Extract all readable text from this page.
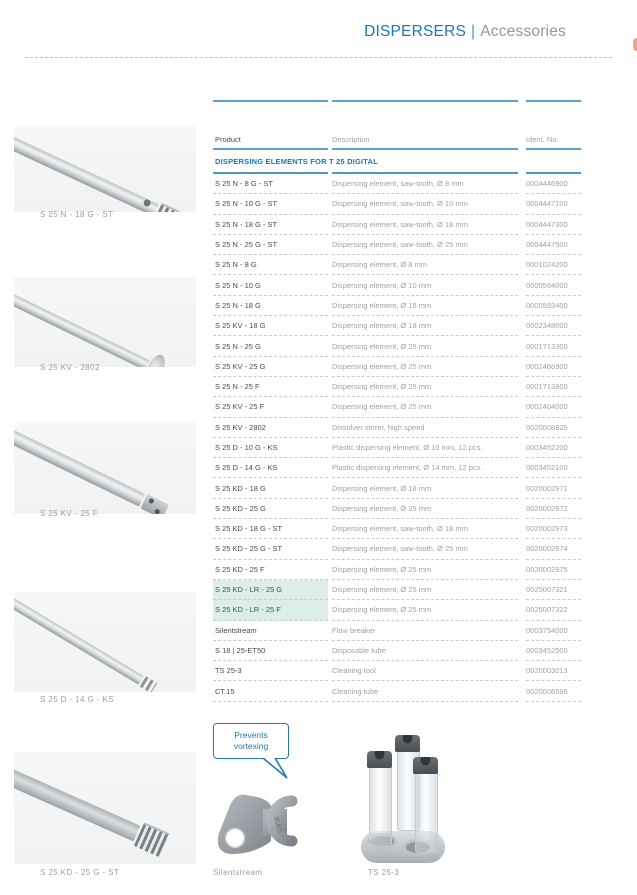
DISPERSERS | Accessories
S 25 N - 18 G - ST
S 25 KV - 2802
S 25 KV - 25 F
S 25 D - 14 G - KS
S 25 KD - 25 G - ST
Product	Description	Ident. No.
DISPERSING ELEMENTS FOR T 25 DIGITAL
S 25 N - 8 G - ST	Dispersing element, saw-tooth, Ø 8 mm	0004446900
S 25 N - 10 G - ST	Dispersing element, saw-tooth, Ø 10 mm	0004447100
S 25 N - 18 G - ST	Dispersing element, saw-tooth, Ø 18 mm	0004447300
S 25 N - 25 G - ST	Dispersing element, saw-tooth, Ø 25 mm	0004447500
S 25 N - 8 G	Dispersing element, Ø 8 mm	0001024200
S 25 N - 10 G	Dispersing element, Ø 10 mm	0000594000
S 25 N - 18 G	Dispersing element, Ø 18 mm	0000593400
S 25 KV - 18 G	Dispersing element, Ø 18 mm	0002348000
S 25 N - 25 G	Dispersing element, Ø 25 mm	0001713300
S 25 KV - 25 G	Dispersing element, Ø 25 mm	0002466900
S 25 N - 25 F	Dispersing element, Ø 25 mm	0001713800
S 25 KV - 25 F	Dispersing element, Ø 25 mm	0002404000
S 25 KV - 2802	Dissolver stirrer, high speed	0020008825
S 25 D - 10 G - KS	Plastic dispersing element, Ø 10 mm, 12 pcs.	0003452200
S 25 D - 14 G - KS	Plastic dispersing element, Ø 14 mm, 12 pcs.	0003452100
S 25 KD - 18 G	Dispersing element, Ø 18 mm	0020002971
S 25 KD - 25 G	Dispersing element, Ø 25 mm	0020002972
S 25 KD - 18 G - ST	Dispersing element, saw-tooth, Ø 18 mm	0020002973
S 25 KD - 25 G - ST	Dispersing element, saw-tooth, Ø 25 mm	0020002974
S 25 KD - 25 F	Dispersing element, Ø 25 mm	0020002975
S 25 KD - LR - 25 G	Dispersing element, Ø 25 mm	0025007321
S 25 KD - LR - 25 F	Dispersing element, Ø 25 mm	0025007322
Silentstream	Flow breaker	0003754000
S 18 | 25-ET50	Disposable tube	0003452500
TS 25-3	Cleaning tool	0020003013
CT.15	Cleaning tube	0020006595
Prevents
vortexing
IKA®
Silentstream	TS 25-3
